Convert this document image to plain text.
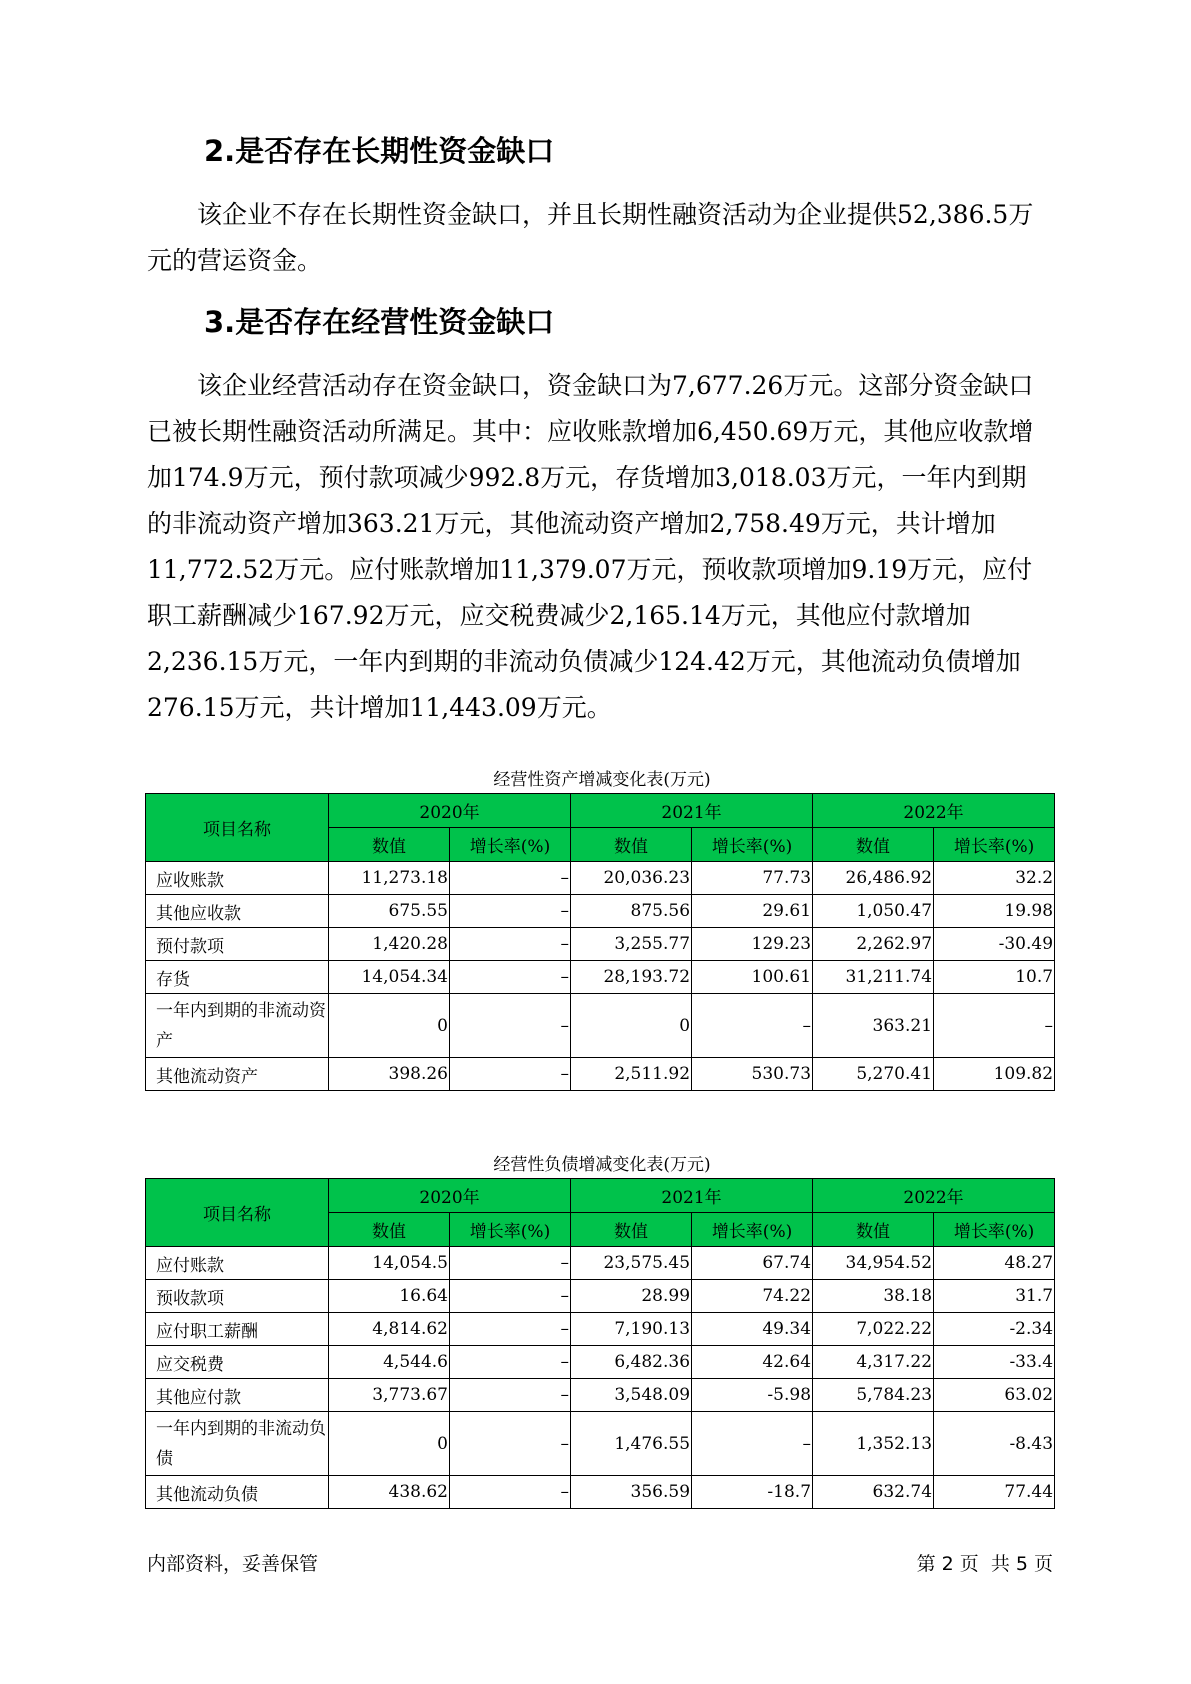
2.是否存在长期性资金缺口

该企业不存在长期性资金缺口，并且长期性融资活动为企业提供52,386.5万元的营运资金。

3.是否存在经营性资金缺口

该企业经营活动存在资金缺口，资金缺口为7,677.26万元。这部分资金缺口已被长期性融资活动所满足。其中：应收账款增加6,450.69万元，其他应收款增加174.9万元，预付款项减少992.8万元，存货增加3,018.03万元，一年内到期的非流动资产增加363.21万元，其他流动资产增加2,758.49万元，共计增加11,772.52万元。应付账款增加11,379.07万元，预收款项增加9.19万元，应付职工薪酬减少167.92万元，应交税费减少2,165.14万元，其他应付款增加2,236.15万元，一年内到期的非流动负债减少124.42万元，其他流动负债增加276.15万元，共计增加11,443.09万元。

经营性资产增减变化表(万元)
项目名称	2020年		2021年		2022年	
	数值	增长率(%)	数值	增长率(%)	数值	增长率(%)
应收账款	11,273.18	–	20,036.23	77.73	26,486.92	32.2
其他应收款	675.55	–	875.56	29.61	1,050.47	19.98
预付款项	1,420.28	–	3,255.77	129.23	2,262.97	-30.49
存货	14,054.34	–	28,193.72	100.61	31,211.74	10.7
一年内到期的非流动资产	0	–	0	–	363.21	–
其他流动资产	398.26	–	2,511.92	530.73	5,270.41	109.82
经营性负债增减变化表(万元)
项目名称	2020年		2021年		2022年	
	数值	增长率(%)	数值	增长率(%)	数值	增长率(%)
应付账款	14,054.5	–	23,575.45	67.74	34,954.52	48.27
预收款项	16.64	–	28.99	74.22	38.18	31.7
应付职工薪酬	4,814.62	–	7,190.13	49.34	7,022.22	-2.34
应交税费	4,544.6	–	6,482.36	42.64	4,317.22	-33.4
其他应付款	3,773.67	–	3,548.09	-5.98	5,784.23	63.02
一年内到期的非流动负债	0	–	1,476.55	–	1,352.13	-8.43
其他流动负债	438.62	–	356.59	-18.7	632.74	77.44
内部资料，妥善保管	第 2 页  共 5 页
